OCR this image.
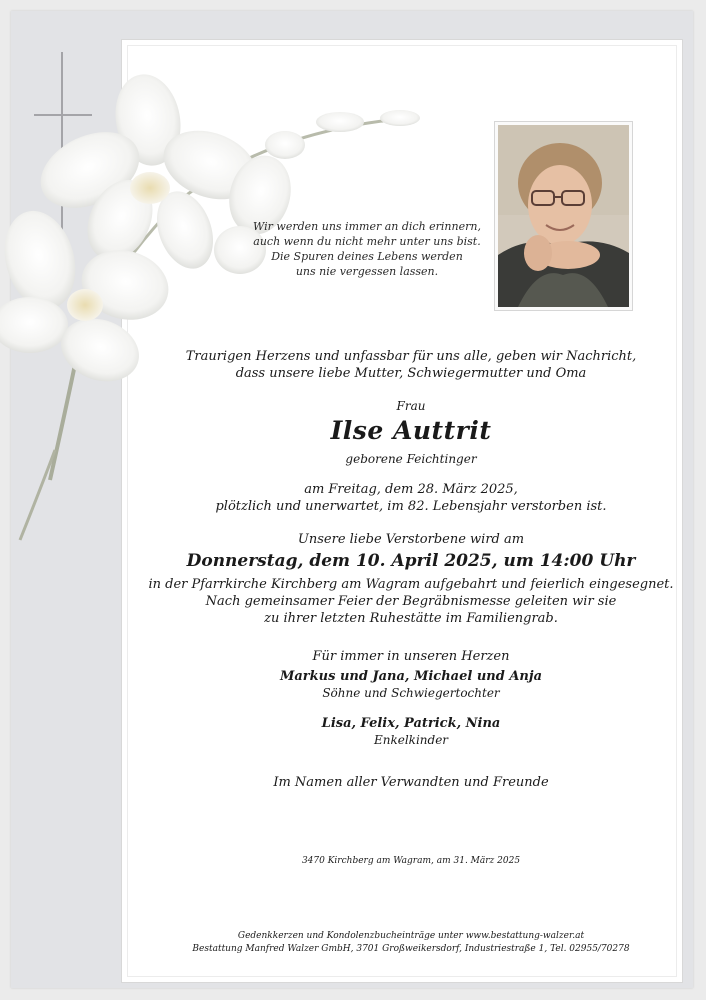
Wir werden uns immer an dich erinnern,
auch wenn du nicht mehr unter uns bist.
Die Spuren deines Lebens werden
uns nie vergessen lassen.
Traurigen Herzens und unfassbar für uns alle, geben wir Nachricht,
dass unsere liebe Mutter, Schwiegermutter und Oma
Frau
Ilse Auttrit
geborene Feichtinger
am Freitag, dem 28. März 2025,
plötzlich und unerwartet, im 82. Lebensjahr verstorben ist.
Unsere liebe Verstorbene wird am
Donnerstag, dem 10. April 2025, um 14:00 Uhr
in der Pfarrkirche Kirchberg am Wagram aufgebahrt und feierlich eingesegnet.
Nach gemeinsamer Feier der Begräbnismesse geleiten wir sie
zu ihrer letzten Ruhestätte im Familiengrab.
Für immer in unseren Herzen
Markus und Jana, Michael und Anja
Söhne und Schwiegertochter
Lisa, Felix, Patrick, Nina
Enkelkinder
Im Namen aller Verwandten und Freunde
3470 Kirchberg am Wagram, am 31. März 2025
Gedenkkerzen und Kondolenzbucheinträge unter www.bestattung-walzer.at
Bestattung Manfred Walzer GmbH, 3701 Großweikersdorf, Industriestraße 1, Tel. 02955/70278
